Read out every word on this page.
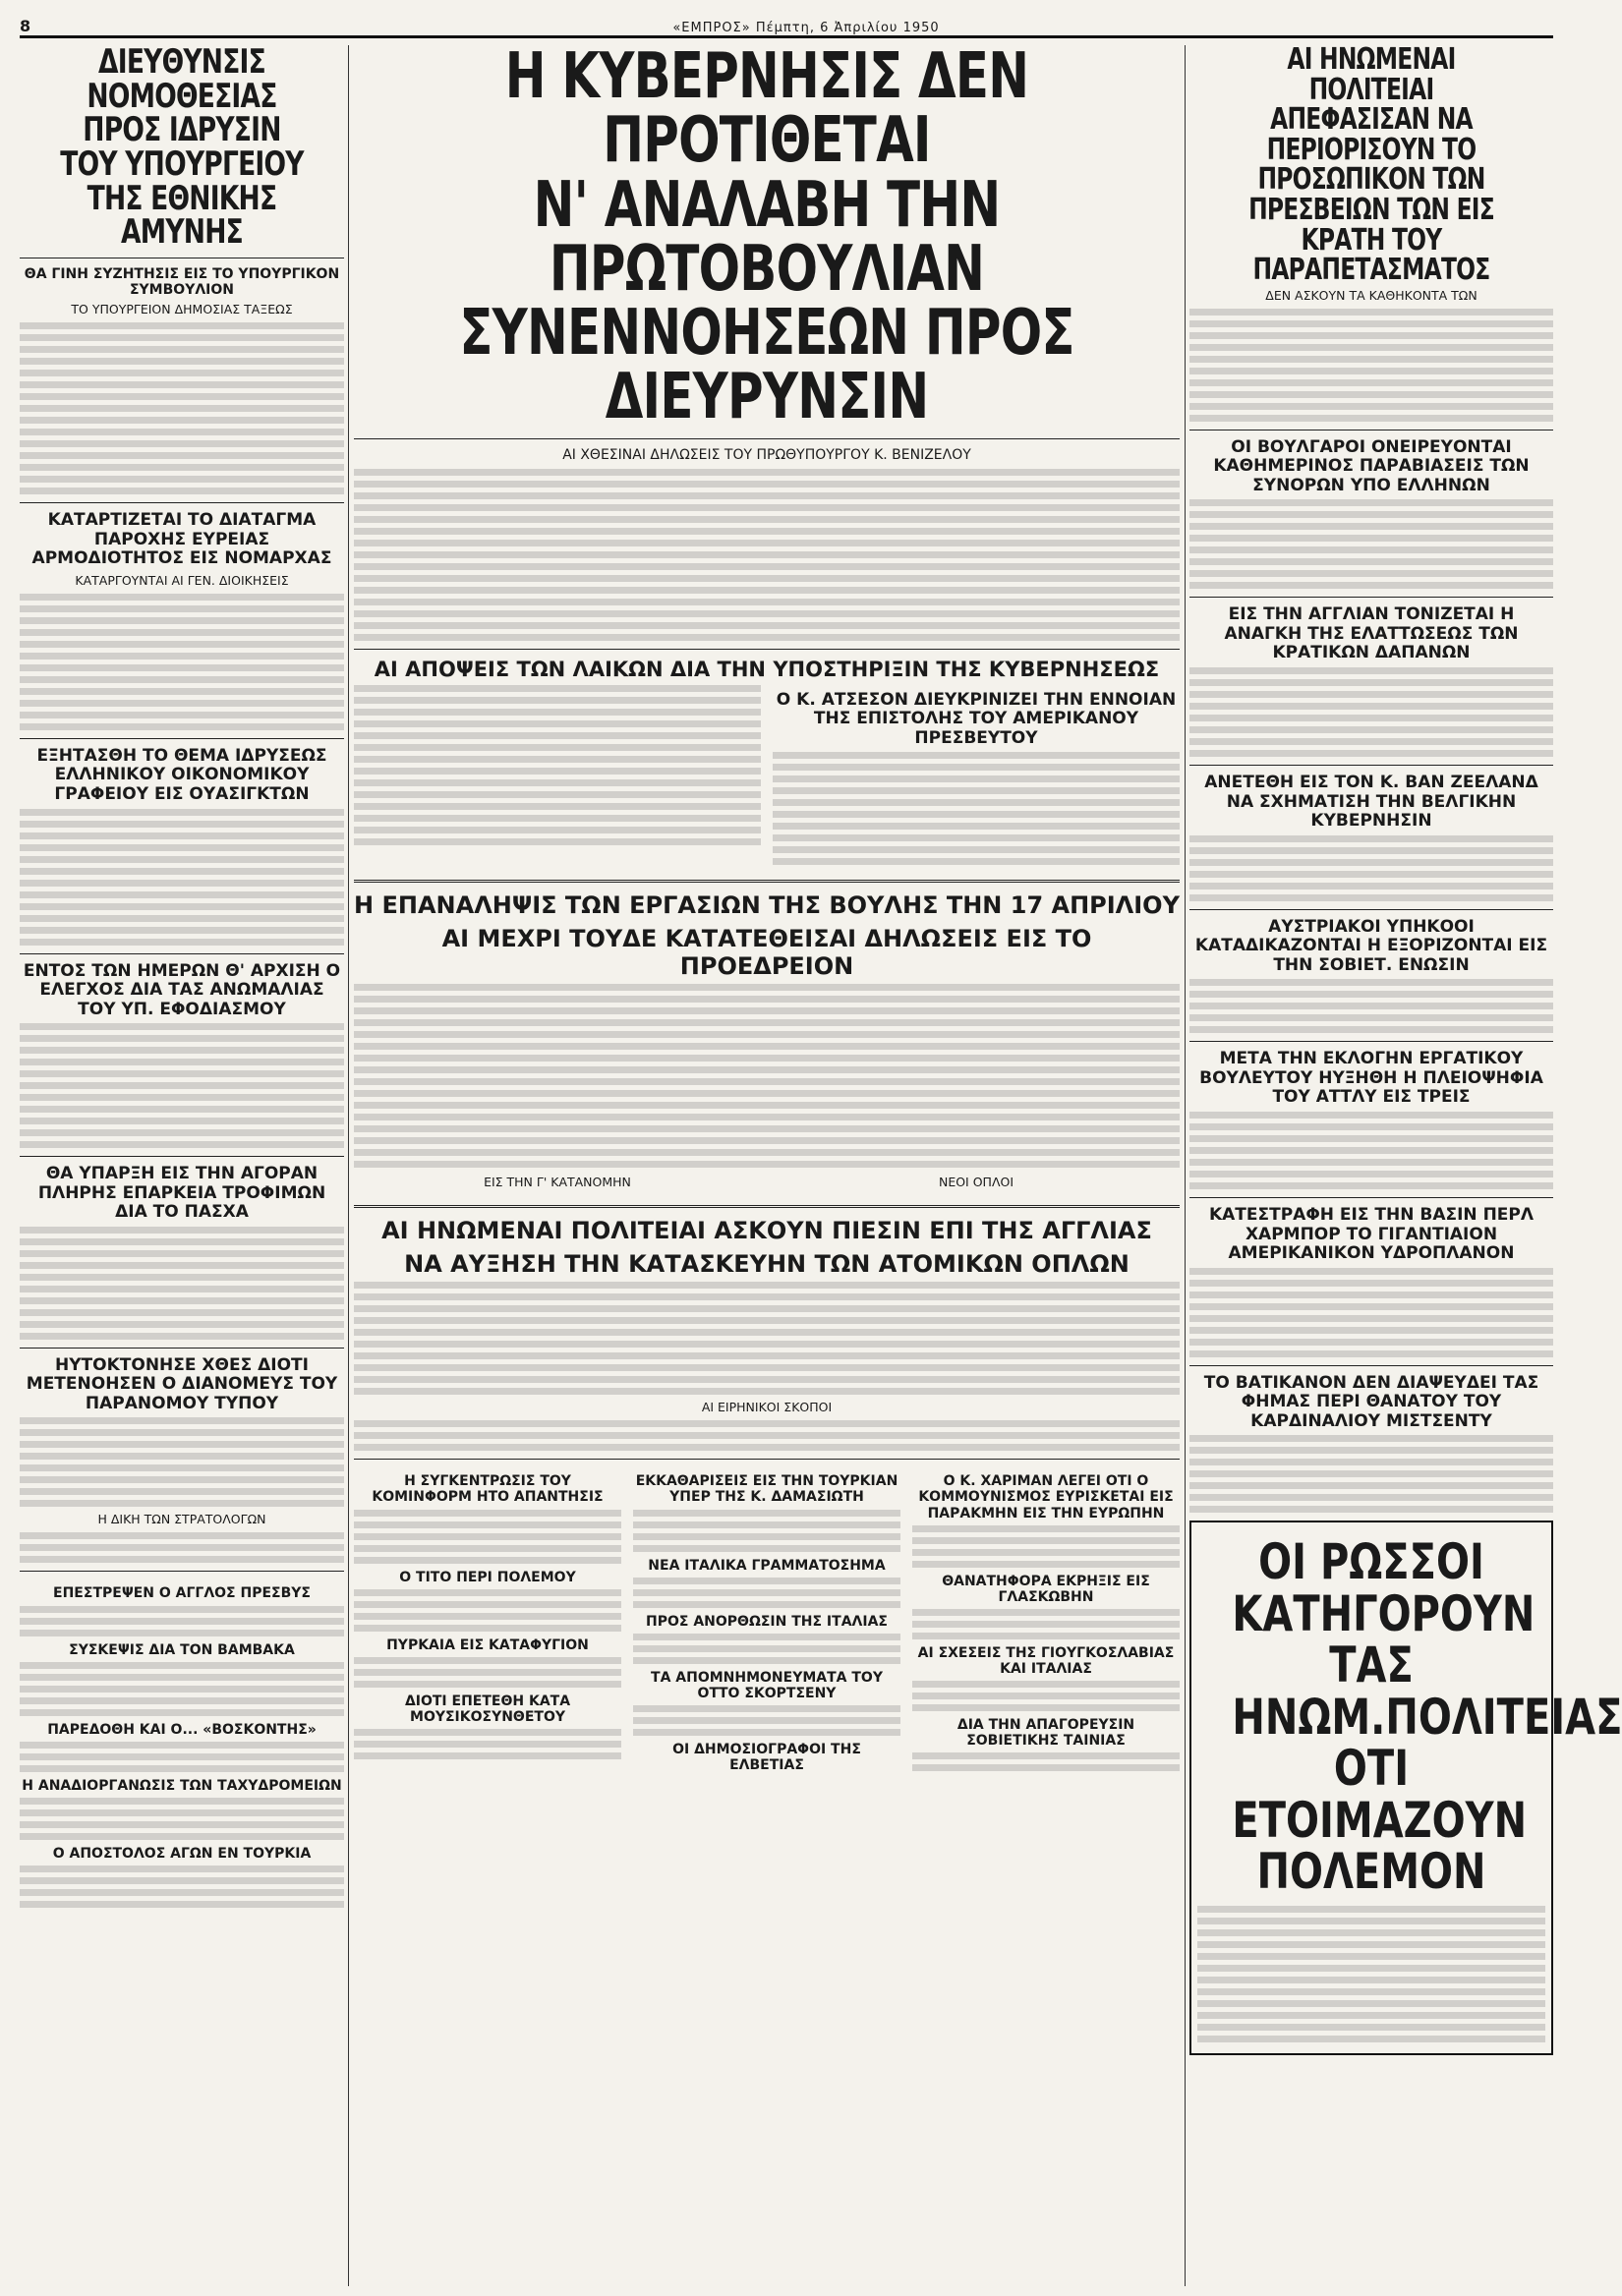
8	«ΕΜΠΡΟΣ» Πέμπτη, 6 Ἀπριλίου 1950

ΔΙΕΥΘΥΝΣΙΣ ΝΟΜΟΘΕΣΙΑΣ ΠΡΟΣ ΙΔΡΥΣΙΝ ΤΟΥ ΥΠΟΥΡΓΕΙΟΥ ΤΗΣ ΕΘΝΙΚΗΣ ΑΜΥΝΗΣ

ΘΑ ΓΙΝΗ ΣΥΖΗΤΗΣΙΣ ΕΙΣ ΤΟ ΥΠΟΥΡΓΙΚΟΝ ΣΥΜΒΟΥΛΙΟΝ
ΤΟ ΥΠΟΥΡΓΕΙΟΝ ΔΗΜΟΣΙΑΣ ΤΑΞΕΩΣ
ΚΑΤΑΡΤΙΖΕΤΑΙ ΤΟ ΔΙΑΤΑΓΜΑ ΠΑΡΟΧΗΣ ΕΥΡΕΙΑΣ ΑΡΜΟΔΙΟΤΗΤΟΣ ΕΙΣ ΝΟΜΑΡΧΑΣ
ΚΑΤΑΡΓΟΥΝΤΑΙ ΑΙ ΓΕΝ. ΔΙΟΙΚΗΣΕΙΣ
ΕΞΗΤΑΣΘΗ ΤΟ ΘΕΜΑ ΙΔΡΥΣΕΩΣ ΕΛΛΗΝΙΚΟΥ ΟΙΚΟΝΟΜΙΚΟΥ ΓΡΑΦΕΙΟΥ ΕΙΣ ΟΥΑΣΙΓΚΤΩΝ
ΕΝΤΟΣ ΤΩΝ ΗΜΕΡΩΝ Θ' ΑΡΧΙΣΗ Ο ΕΛΕΓΧΟΣ ΔΙΑ ΤΑΣ ΑΝΩΜΑΛΙΑΣ ΤΟΥ ΥΠ. ΕΦΟΔΙΑΣΜΟΥ
ΘΑ ΥΠΑΡΞΗ ΕΙΣ ΤΗΝ ΑΓΟΡΑΝ ΠΛΗΡΗΣ ΕΠΑΡΚΕΙΑ ΤΡΟΦΙΜΩΝ ΔΙΑ ΤΟ ΠΑΣΧΑ
ΗΥΤΟΚΤΟΝΗΣΕ ΧΘΕΣ ΔΙΟΤΙ ΜΕΤΕΝΟΗΣΕΝ Ο ΔΙΑΝΟΜΕΥΣ ΤΟΥ ΠΑΡΑΝΟΜΟΥ ΤΥΠΟΥ
Η ΔΙΚΗ ΤΩΝ ΣΤΡΑΤΟΛΟΓΩΝ
ΕΠΕΣΤΡΕΨΕΝ Ο ΑΓΓΛΟΣ ΠΡΕΣΒΥΣ
ΣΥΣΚΕΨΙΣ ΔΙΑ ΤΟΝ ΒΑΜΒΑΚΑ
ΠΑΡΕΔΟΘΗ ΚΑΙ Ο... «ΒΟΣΚΟΝΤΗΣ»
Η ΑΝΑΔΙΟΡΓΑΝΩΣΙΣ ΤΩΝ ΤΑΧΥΔΡΟΜΕΙΩΝ
Ο ΑΠΟΣΤΟΛΟΣ ΑΓΩΝ ΕΝ ΤΟΥΡΚΙΑ

Η ΚΥΒΕΡΝΗΣΙΣ ΔΕΝ ΠΡΟΤΙΘΕΤΑΙ

Ν' ΑΝΑΛΑΒΗ ΤΗΝ ΠΡΩΤΟΒΟΥΛΙΑΝ

ΣΥΝΕΝΝΟΗΣΕΩΝ ΠΡΟΣ ΔΙΕΥΡΥΝΣΙΝ

ΑΙ ΧΘΕΣΙΝΑΙ ΔΗΛΩΣΕΙΣ ΤΟΥ ΠΡΩΘΥΠΟΥΡΓΟΥ Κ. ΒΕΝΙΖΕΛΟΥ
ΑΙ ΑΠΟΨΕΙΣ ΤΩΝ ΛΑΙΚΩΝ ΔΙΑ ΤΗΝ ΥΠΟΣΤΗΡΙΞΙΝ ΤΗΣ ΚΥΒΕΡΝΗΣΕΩΣ
Ο Κ. ΑΤΣΕΣΟΝ ΔΙΕΥΚΡΙΝΙΖΕΙ ΤΗΝ ΕΝΝΟΙΑΝ ΤΗΣ ΕΠΙΣΤΟΛΗΣ ΤΟΥ ΑΜΕΡΙΚΑΝΟΥ ΠΡΕΣΒΕΥΤΟΥ
Η ΕΠΑΝΑΛΗΨΙΣ ΤΩΝ ΕΡΓΑΣΙΩΝ ΤΗΣ ΒΟΥΛΗΣ ΤΗΝ 17 ΑΠΡΙΛΙΟΥ
ΑΙ ΜΕΧΡΙ ΤΟΥΔΕ ΚΑΤΑΤΕΘΕΙΣΑΙ ΔΗΛΩΣΕΙΣ ΕΙΣ ΤΟ ΠΡΟΕΔΡΕΙΟΝ
ΕΙΣ ΤΗΝ Γ' ΚΑΤΑΝΟΜΗΝ	ΝΕΟΙ ΟΠΛΟΙ
ΑΙ ΗΝΩΜΕΝΑΙ ΠΟΛΙΤΕΙΑΙ ΑΣΚΟΥΝ ΠΙΕΣΙΝ ΕΠΙ ΤΗΣ ΑΓΓΛΙΑΣ
ΝΑ ΑΥΞΗΣΗ ΤΗΝ ΚΑΤΑΣΚΕΥΗΝ ΤΩΝ ΑΤΟΜΙΚΩΝ ΟΠΛΩΝ
ΑΙ ΕΙΡΗΝΙΚΟΙ ΣΚΟΠΟΙ
Η ΣΥΓΚΕΝΤΡΩΣΙΣ ΤΟΥ ΚΟΜΙΝΦΟΡΜ ΗΤΟ ΑΠΑΝΤΗΣΙΣ
Ο ΤΙΤΟ ΠΕΡΙ ΠΟΛΕΜΟΥ
ΠΥΡΚΑΙΑ ΕΙΣ ΚΑΤΑΦΥΓΙΟΝ
ΔΙΟΤΙ ΕΠΕΤΕΘΗ ΚΑΤΑ ΜΟΥΣΙΚΟΣΥΝΘΕΤΟΥ
ΕΚΚΑΘΑΡΙΣΕΙΣ ΕΙΣ ΤΗΝ ΤΟΥΡΚΙΑΝ ΥΠΕΡ ΤΗΣ Κ. ΔΑΜΑΣΙΩΤΗ
ΝΕΑ ΙΤΑΛΙΚΑ ΓΡΑΜΜΑΤΟΣΗΜΑ
ΠΡΟΣ ΑΝΟΡΘΩΣΙΝ ΤΗΣ ΙΤΑΛΙΑΣ
ΤΑ ΑΠΟΜΝΗΜΟΝΕΥΜΑΤΑ ΤΟΥ ΟΤΤΟ ΣΚΟΡΤΣΕΝΥ
ΟΙ ΔΗΜΟΣΙΟΓΡΑΦΟΙ ΤΗΣ ΕΛΒΕΤΙΑΣ
Ο Κ. ΧΑΡΙΜΑΝ ΛΕΓΕΙ ΟΤΙ Ο ΚΟΜΜΟΥΝΙΣΜΟΣ ΕΥΡΙΣΚΕΤΑΙ ΕΙΣ ΠΑΡΑΚΜΗΝ ΕΙΣ ΤΗΝ ΕΥΡΩΠΗΝ
ΘΑΝΑΤΗΦΟΡΑ ΕΚΡΗΞΙΣ ΕΙΣ ΓΛΑΣΚΩΒΗΝ
ΑΙ ΣΧΕΣΕΙΣ ΤΗΣ ΓΙΟΥΓΚΟΣΛΑΒΙΑΣ ΚΑΙ ΙΤΑΛΙΑΣ
ΔΙΑ ΤΗΝ ΑΠΑΓΟΡΕΥΣΙΝ ΣΟΒΙΕΤΙΚΗΣ ΤΑΙΝΙΑΣ

ΑΙ ΗΝΩΜΕΝΑΙ ΠΟΛΙΤΕΙΑΙ ΑΠΕΦΑΣΙΣΑΝ ΝΑ ΠΕΡΙΟΡΙΣΟΥΝ ΤΟ ΠΡΟΣΩΠΙΚΟΝ ΤΩΝ ΠΡΕΣΒΕΙΩΝ ΤΩΝ ΕΙΣ ΚΡΑΤΗ ΤΟΥ ΠΑΡΑΠΕΤΑΣΜΑΤΟΣ

ΔΕΝ ΑΣΚΟΥΝ ΤΑ ΚΑΘΗΚΟΝΤΑ ΤΩΝ
ΟΙ ΒΟΥΛΓΑΡΟΙ ΟΝΕΙΡΕΥΟΝΤΑΙ ΚΑΘΗΜΕΡΙΝΟΣ ΠΑΡΑΒΙΑΣΕΙΣ ΤΩΝ ΣΥΝΟΡΩΝ ΥΠΟ ΕΛΛΗΝΩΝ
ΕΙΣ ΤΗΝ ΑΓΓΛΙΑΝ ΤΟΝΙΖΕΤΑΙ Η ΑΝΑΓΚΗ ΤΗΣ ΕΛΑΤΤΩΣΕΩΣ ΤΩΝ ΚΡΑΤΙΚΩΝ ΔΑΠΑΝΩΝ
ΑΝΕΤΕΘΗ ΕΙΣ ΤΟΝ Κ. ΒΑΝ ΖΕΕΛΑΝΔ ΝΑ ΣΧΗΜΑΤΙΣΗ ΤΗΝ ΒΕΛΓΙΚΗΝ ΚΥΒΕΡΝΗΣΙΝ
ΑΥΣΤΡΙΑΚΟΙ ΥΠΗΚΟΟΙ ΚΑΤΑΔΙΚΑΖΟΝΤΑΙ Η ΕΞΟΡΙΖΟΝΤΑΙ ΕΙΣ ΤΗΝ ΣΟΒΙΕΤ. ΕΝΩΣΙΝ
ΜΕΤΑ ΤΗΝ ΕΚΛΟΓΗΝ ΕΡΓΑΤΙΚΟΥ ΒΟΥΛΕΥΤΟΥ ΗΥΞΗΘΗ Η ΠΛΕΙΟΨΗΦΙΑ ΤΟΥ ΑΤΤΛΥ ΕΙΣ ΤΡΕΙΣ
ΚΑΤΕΣΤΡΑΦΗ ΕΙΣ ΤΗΝ ΒΑΣΙΝ ΠΕΡΛ ΧΑΡΜΠΟΡ ΤΟ ΓΙΓΑΝΤΙΑΙΟΝ ΑΜΕΡΙΚΑΝΙΚΟΝ ΥΔΡΟΠΛΑΝΟΝ
ΤΟ ΒΑΤΙΚΑΝΟΝ ΔΕΝ ΔΙΑΨΕΥΔΕΙ ΤΑΣ ΦΗΜΑΣ ΠΕΡΙ ΘΑΝΑΤΟΥ ΤΟΥ ΚΑΡΔΙΝΑΛΙΟΥ ΜΙΣΤΣΕΝΤΥ
ΟΙ ΡΩΣΣΟΙ ΚΑΤΗΓΟΡΟΥΝ ΤΑΣ ΗΝΩΜ.ΠΟΛΙΤΕΙΑΣ ΟΤΙ ΕΤΟΙΜΑΖΟΥΝ ΠΟΛΕΜΟΝ
